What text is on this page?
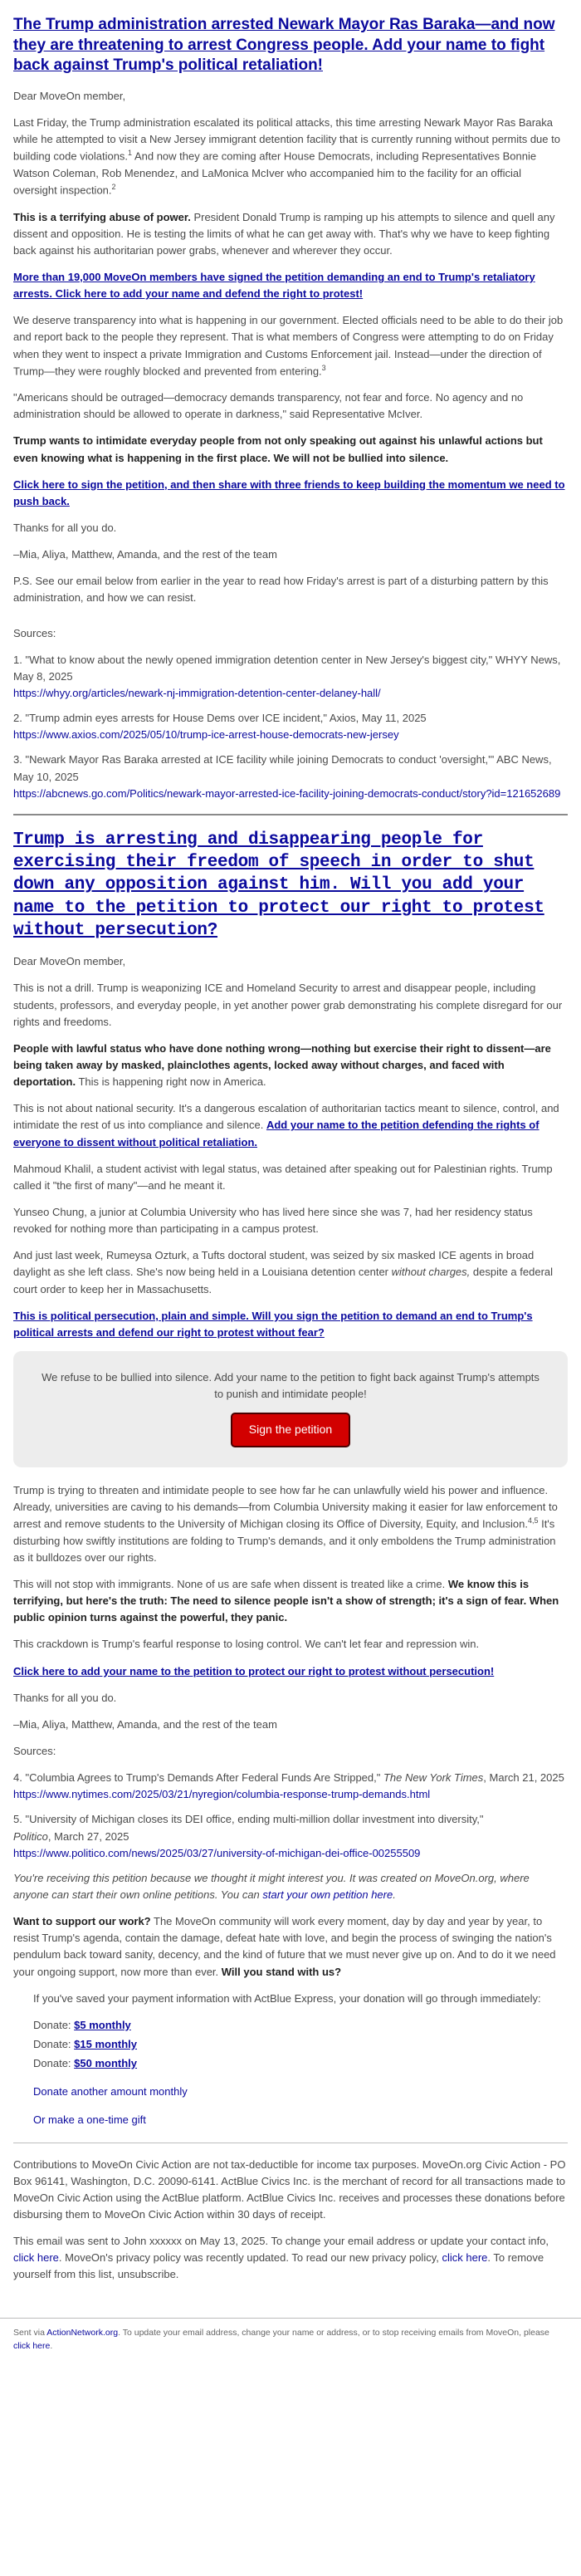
The Trump administration arrested Newark Mayor Ras Baraka—and now they are threatening to arrest Congress people. Add your name to fight back against Trump's political retaliation!

Dear MoveOn member,

Last Friday, the Trump administration escalated its political attacks, this time arresting Newark Mayor Ras Baraka while he attempted to visit a New Jersey immigrant detention facility that is currently running without permits due to building code violations.$^1$ And now they are coming after House Democrats, including Representatives Bonnie Watson Coleman, Rob Menendez, and LaMonica McIver who accompanied him to the facility for an official oversight inspection.$^2$

This is a terrifying abuse of power. President Donald Trump is ramping up his attempts to silence and quell any dissent and opposition. He is testing the limits of what he can get away with. That's why we have to keep fighting back against his authoritarian power grabs, whenever and wherever they occur.

More than 19,000 MoveOn members have signed the petition demanding an end to Trump's retaliatory arrests. Click here to add your name and defend the right to protest!

We deserve transparency into what is happening in our government. Elected officials need to be able to do their job and report back to the people they represent. That is what members of Congress were attempting to do on Friday when they went to inspect a private Immigration and Customs Enforcement jail. Instead—under the direction of Trump—they were roughly blocked and prevented from entering.$^3$

"Americans should be outraged—democracy demands transparency, not fear and force. No agency and no administration should be allowed to operate in darkness," said Representative McIver.

Trump wants to intimidate everyday people from not only speaking out against his unlawful actions but even knowing what is happening in the first place. We will not be bullied into silence.

Click here to sign the petition, and then share with three friends to keep building the momentum we need to push back.

Thanks for all you do.

–Mia, Aliya, Matthew, Amanda, and the rest of the team

P.S. See our email below from earlier in the year to read how Friday's arrest is part of a disturbing pattern by this administration, and how we can resist.

Sources:

1. "What to know about the newly opened immigration detention center in New Jersey's biggest city," WHYY News, May 8, 2025
https://whyy.org/articles/newark-nj-immigration-detention-center-delaney-hall/

2. "Trump admin eyes arrests for House Dems over ICE incident," Axios, May 11, 2025
https://www.axios.com/2025/05/10/trump-ice-arrest-house-democrats-new-jersey

3. "Newark Mayor Ras Baraka arrested at ICE facility while joining Democrats to conduct 'oversight,'" ABC News, May 10, 2025
https://abcnews.go.com/Politics/newark-mayor-arrested-ice-facility-joining-democrats-conduct/story?id=121652689

Trump is arresting and disappearing people for exercising their freedom of speech in order to shut down any opposition against him. Will you add your name to the petition to protect our right to protest without persecution?

Dear MoveOn member,

This is not a drill. Trump is weaponizing ICE and Homeland Security to arrest and disappear people, including students, professors, and everyday people, in yet another power grab demonstrating his complete disregard for our rights and freedoms.

People with lawful status who have done nothing wrong—nothing but exercise their right to dissent—are being taken away by masked, plainclothes agents, locked away without charges, and faced with deportation. This is happening right now in America.

This is not about national security. It's a dangerous escalation of authoritarian tactics meant to silence, control, and intimidate the rest of us into compliance and silence. Add your name to the petition defending the rights of everyone to dissent without political retaliation.

Mahmoud Khalil, a student activist with legal status, was detained after speaking out for Palestinian rights. Trump called it "the first of many"—and he meant it.

Yunseo Chung, a junior at Columbia University who has lived here since she was 7, had her residency status revoked for nothing more than participating in a campus protest.

And just last week, Rumeysa Ozturk, a Tufts doctoral student, was seized by six masked ICE agents in broad daylight as she left class. She's now being held in a Louisiana detention center without charges, despite a federal court order to keep her in Massachusetts.

This is political persecution, plain and simple. Will you sign the petition to demand an end to Trump's political arrests and defend our right to protest without fear?

We refuse to be bullied into silence. Add your name to the petition to fight back against Trump's attempts to punish and intimidate people!

Sign the petition

Trump is trying to threaten and intimidate people to see how far he can unlawfully wield his power and influence. Already, universities are caving to his demands—from Columbia University making it easier for law enforcement to arrest and remove students to the University of Michigan closing its Office of Diversity, Equity, and Inclusion.$^{4,5}$ It's disturbing how swiftly institutions are folding to Trump's demands, and it only emboldens the Trump administration as it bulldozes over our rights.

This will not stop with immigrants. None of us are safe when dissent is treated like a crime. We know this is terrifying, but here's the truth: The need to silence people isn't a show of strength; it's a sign of fear. When public opinion turns against the powerful, they panic.

This crackdown is Trump's fearful response to losing control. We can't let fear and repression win.

Click here to add your name to the petition to protect our right to protest without persecution!

Thanks for all you do.

–Mia, Aliya, Matthew, Amanda, and the rest of the team

Sources:

4. "Columbia Agrees to Trump's Demands After Federal Funds Are Stripped," The New York Times, March 21, 2025
https://www.nytimes.com/2025/03/21/nyregion/columbia-response-trump-demands.html

5. "University of Michigan closes its DEI office, ending multi-million dollar investment into diversity,"
Politico, March 27, 2025
https://www.politico.com/news/2025/03/27/university-of-michigan-dei-office-00255509

You're receiving this petition because we thought it might interest you. It was created on MoveOn.org, where anyone can start their own online petitions. You can start your own petition here.

Want to support our work? The MoveOn community will work every moment, day by day and year by year, to resist Trump's agenda, contain the damage, defeat hate with love, and begin the process of swinging the nation's pendulum back toward sanity, decency, and the kind of future that we must never give up on. And to do it we need your ongoing support, now more than ever. Will you stand with us?

If you've saved your payment information with ActBlue Express, your donation will go through immediately:

Donate: $5 monthly
Donate: $15 monthly
Donate: $50 monthly
Donate another amount monthly
Or make a one-time gift

Contributions to MoveOn Civic Action are not tax-deductible for income tax purposes. MoveOn.org Civic Action - PO Box 96141, Washington, D.C. 20090-6141. ActBlue Civics Inc. is the merchant of record for all transactions made to MoveOn Civic Action using the ActBlue platform. ActBlue Civics Inc. receives and processes these donations before disbursing them to MoveOn Civic Action within 30 days of receipt.

This email was sent to John xxxxxx on May 13, 2025. To change your email address or update your contact info, click here. MoveOn's privacy policy was recently updated. To read our new privacy policy, click here. To remove yourself from this list, unsubscribe.

Sent via ActionNetwork.org. To update your email address, change your name or address, or to stop receiving emails from MoveOn, please click here.
